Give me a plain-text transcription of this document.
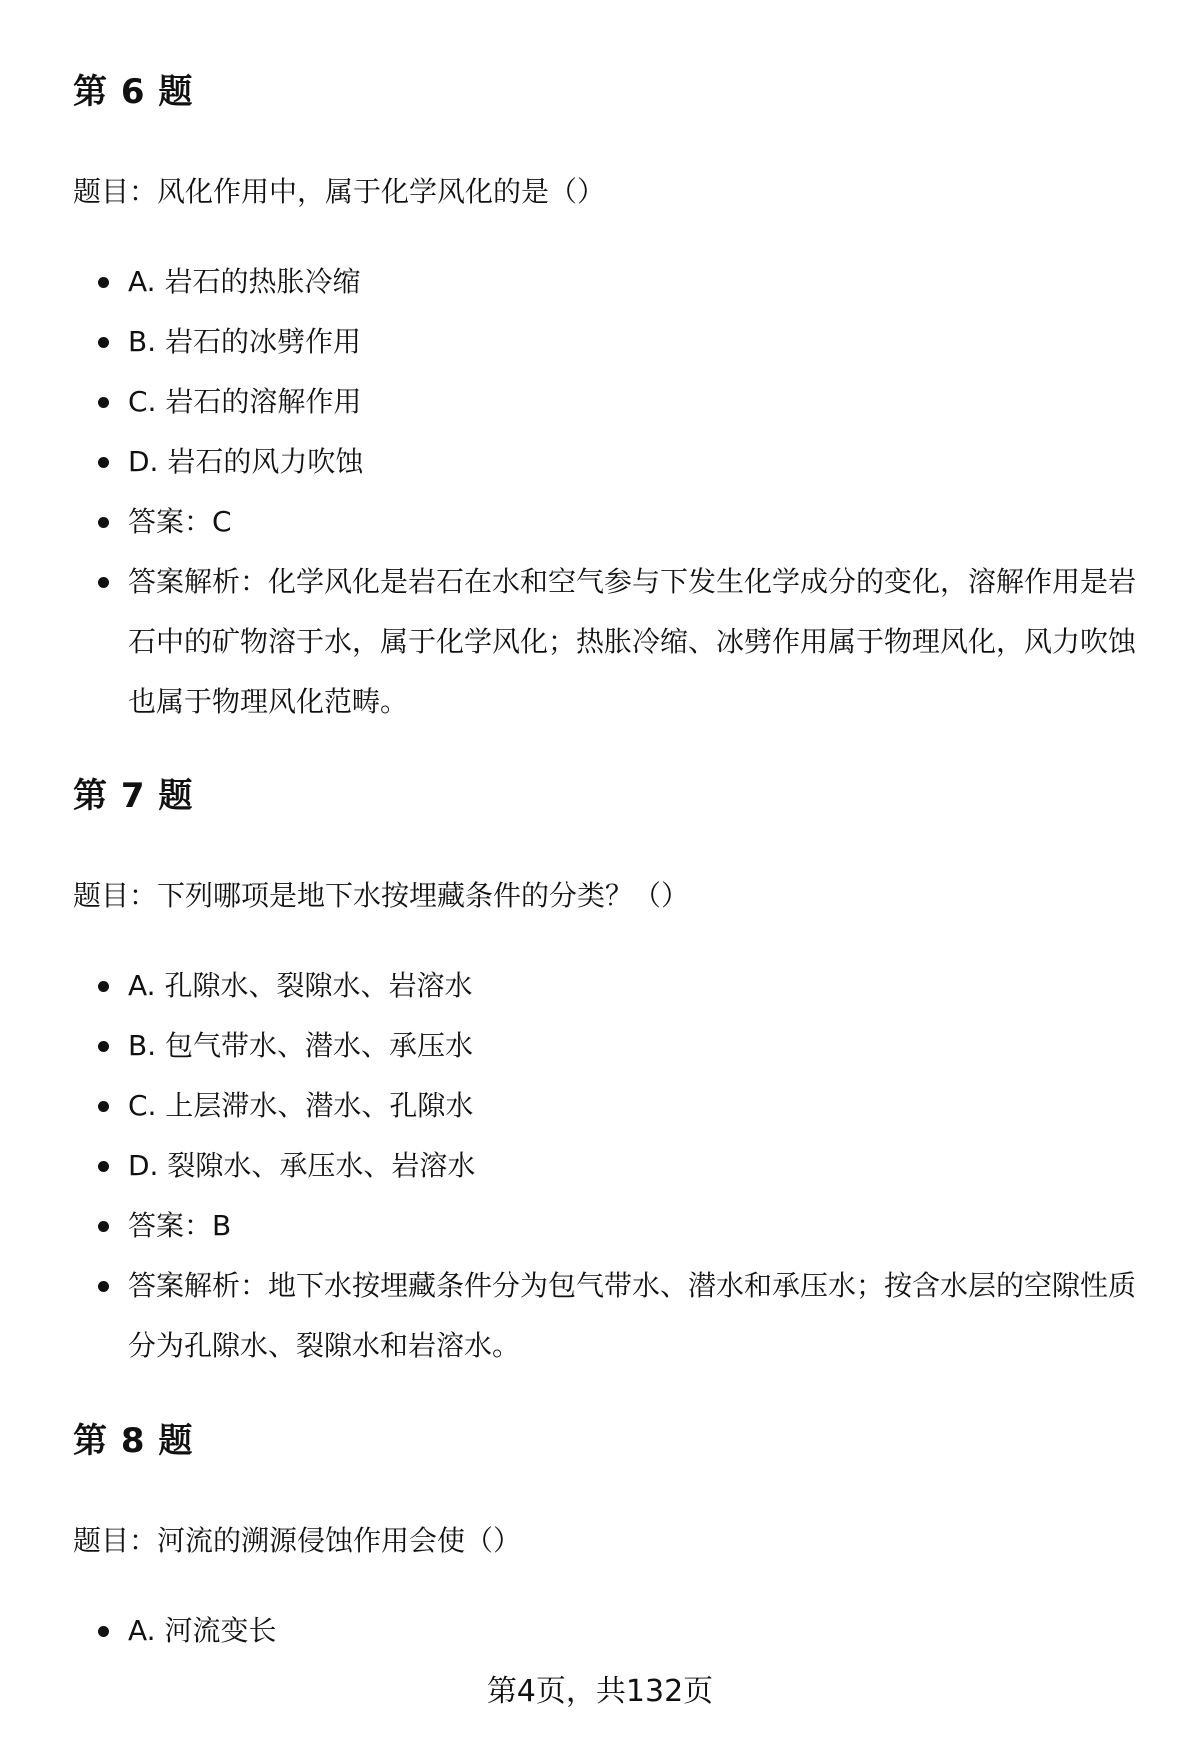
第 6 题

题目：风化作用中，属于化学风化的是（）

A. 岩石的热胀冷缩
B. 岩石的冰劈作用
C. 岩石的溶解作用
D. 岩石的风力吹蚀
答案：C
答案解析：化学风化是岩石在水和空气参与下发生化学成分的变化，溶解作用是岩石中的矿物溶于水，属于化学风化；热胀冷缩、冰劈作用属于物理风化，风力吹蚀也属于物理风化范畴。
第 7 题

题目：下列哪项是地下水按埋藏条件的分类？（）

A. 孔隙水、裂隙水、岩溶水
B. 包气带水、潜水、承压水
C. 上层滞水、潜水、孔隙水
D. 裂隙水、承压水、岩溶水
答案：B
答案解析：地下水按埋藏条件分为包气带水、潜水和承压水；按含水层的空隙性质分为孔隙水、裂隙水和岩溶水。
第 8 题

题目：河流的溯源侵蚀作用会使（）

A. 河流变长
第4页，共132页
